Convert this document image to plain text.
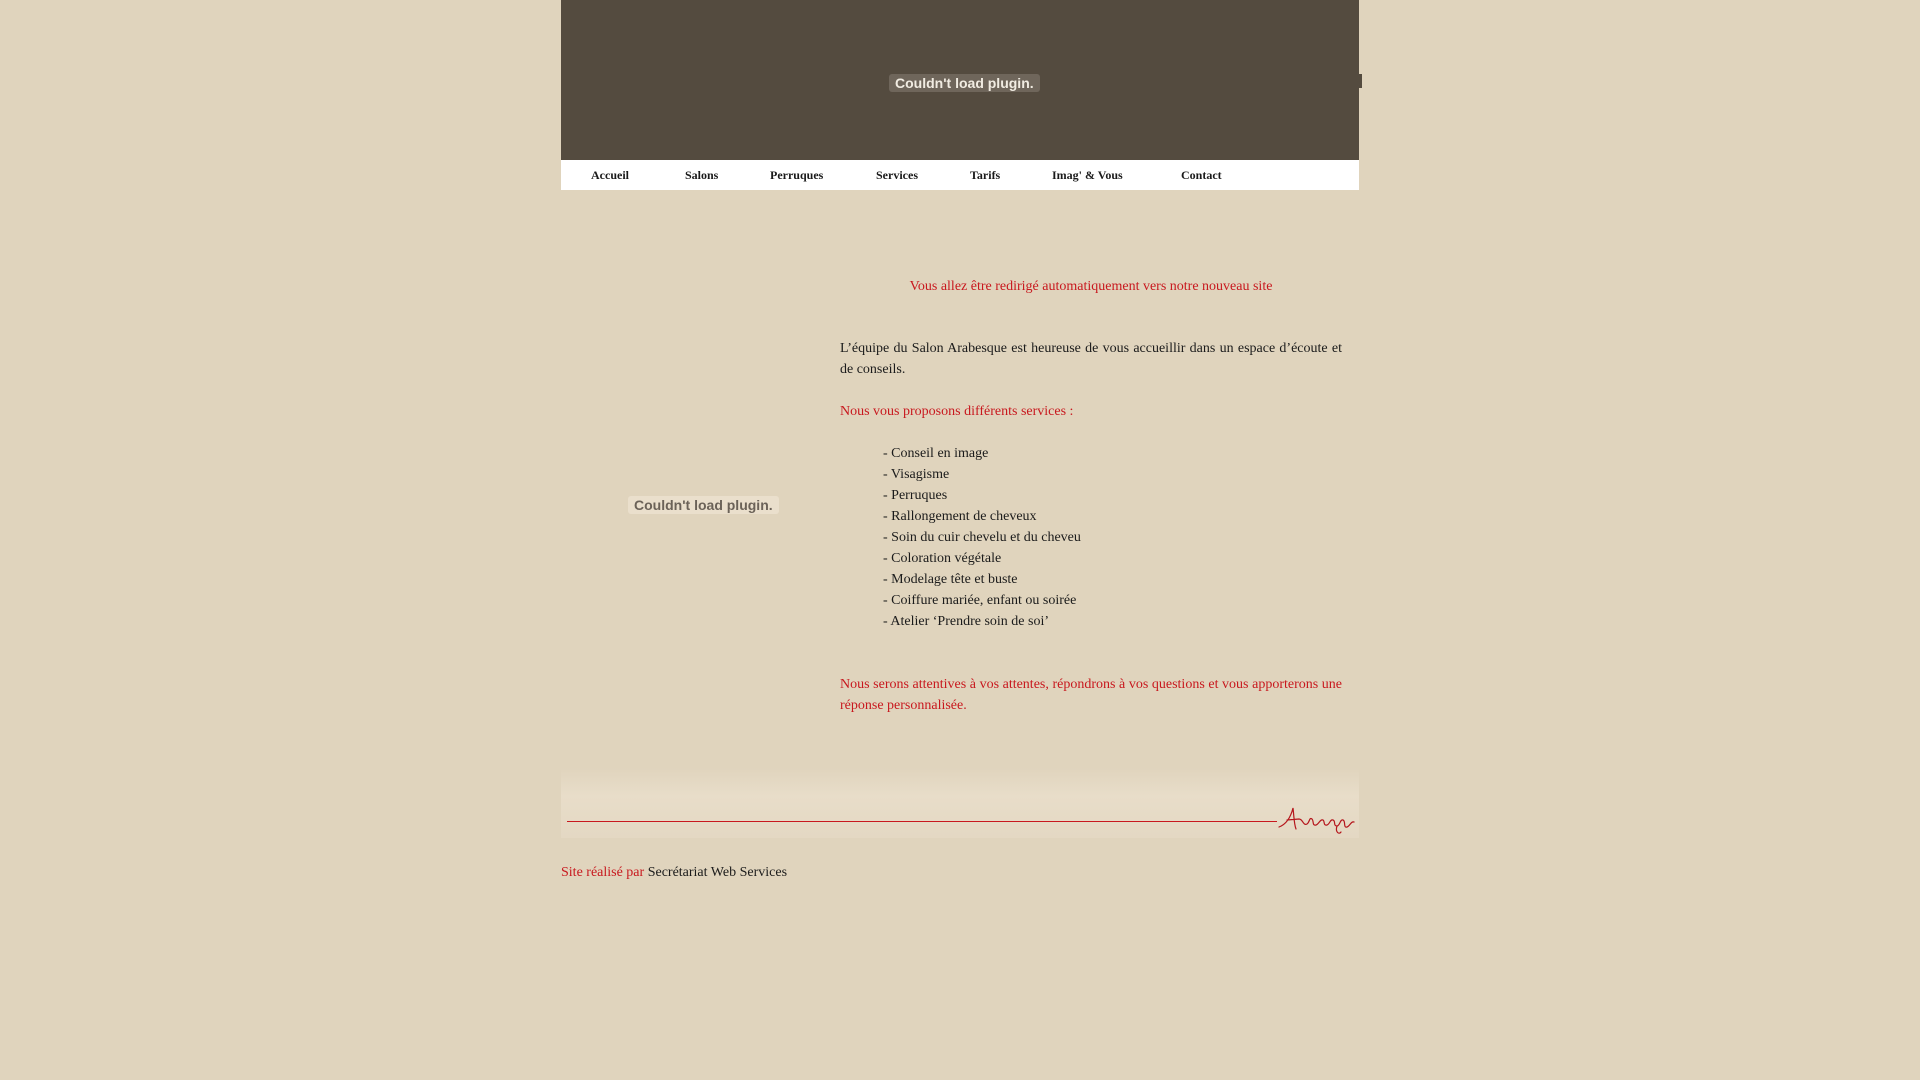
Couldn't load plugin.
Accueil	Salons	Perruques	Services	Tarifs	Imag' & Vous	Contact
Couldn't load plugin.
Vous allez être redirigé automatiquement vers notre nouveau site
L’équipe du Salon Arabesque est heureuse de vous accueillir dans un espace d’écoute et de conseils.
Nous vous proposons différents services :
- Conseil en image
- Visagisme
- Perruques
- Rallongement de cheveux
- Soin du cuir chevelu et du cheveu
- Coloration végétale
- Modelage tête et buste
- Coiffure mariée, enfant ou soirée
- Atelier ‘Prendre soin de soi’
Nous serons attentives à vos attentes, répondrons à vos questions et vous apporterons une réponse personnalisée.
Site réalisé par Secrétariat Web Services
